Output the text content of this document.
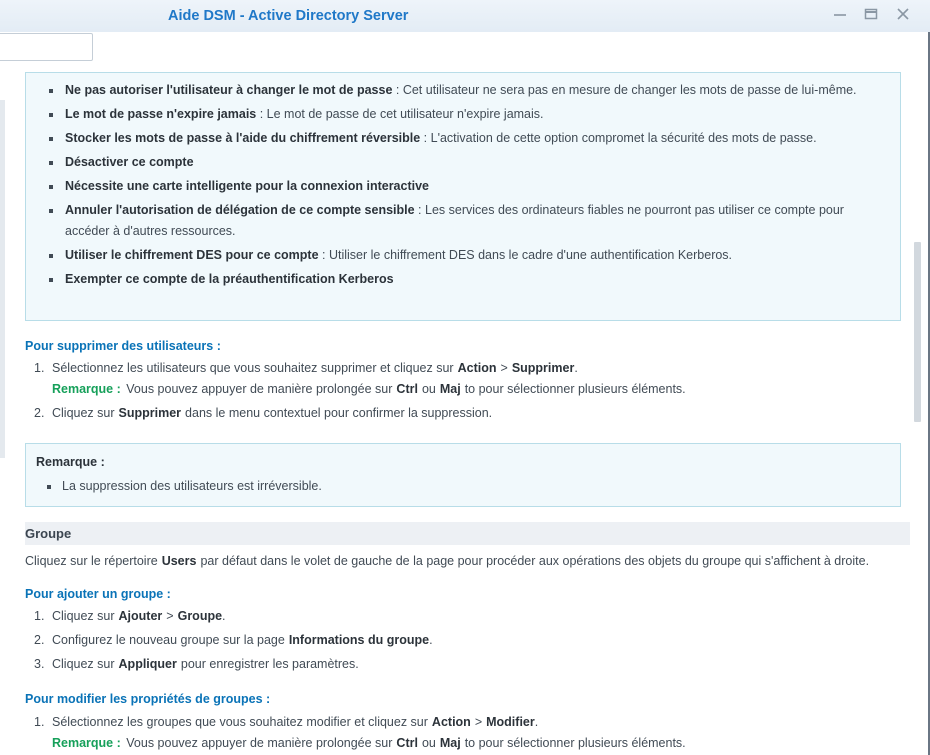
Aide DSM - Active Directory Server
Ne pas autoriser l'utilisateur à changer le mot de passe : Cet utilisateur ne sera pas en mesure de changer les mots de passe de lui-même.
Le mot de passe n'expire jamais : Le mot de passe de cet utilisateur n'expire jamais.
Stocker les mots de passe à l'aide du chiffrement réversible : L'activation de cette option compromet la sécurité des mots de passe.
Désactiver ce compte
Nécessite une carte intelligente pour la connexion interactive
Annuler l'autorisation de délégation de ce compte sensible : Les services des ordinateurs fiables ne pourront pas utiliser ce compte pour accéder à d'autres ressources.
Utiliser le chiffrement DES pour ce compte : Utiliser le chiffrement DES dans le cadre d'une authentification Kerberos.
Exempter ce compte de la préauthentification Kerberos
Pour supprimer des utilisateurs :
1. Sélectionnez les utilisateurs que vous souhaitez supprimer et cliquez sur Action > Supprimer.
Remarque : Vous pouvez appuyer de manière prolongée sur Ctrl ou Maj to pour sélectionner plusieurs éléments.
2. Cliquez sur Supprimer dans le menu contextuel pour confirmer la suppression.
Remarque :
La suppression des utilisateurs est irréversible.
Groupe
Cliquez sur le répertoire Users par défaut dans le volet de gauche de la page pour procéder aux opérations des objets du groupe qui s'affichent à droite.
Pour ajouter un groupe :
1. Cliquez sur Ajouter > Groupe.
2. Configurez le nouveau groupe sur la page Informations du groupe.
3. Cliquez sur Appliquer pour enregistrer les paramètres.
Pour modifier les propriétés de groupes :
1. Sélectionnez les groupes que vous souhaitez modifier et cliquez sur Action > Modifier.
Remarque : Vous pouvez appuyer de manière prolongée sur Ctrl ou Maj to pour sélectionner plusieurs éléments.
